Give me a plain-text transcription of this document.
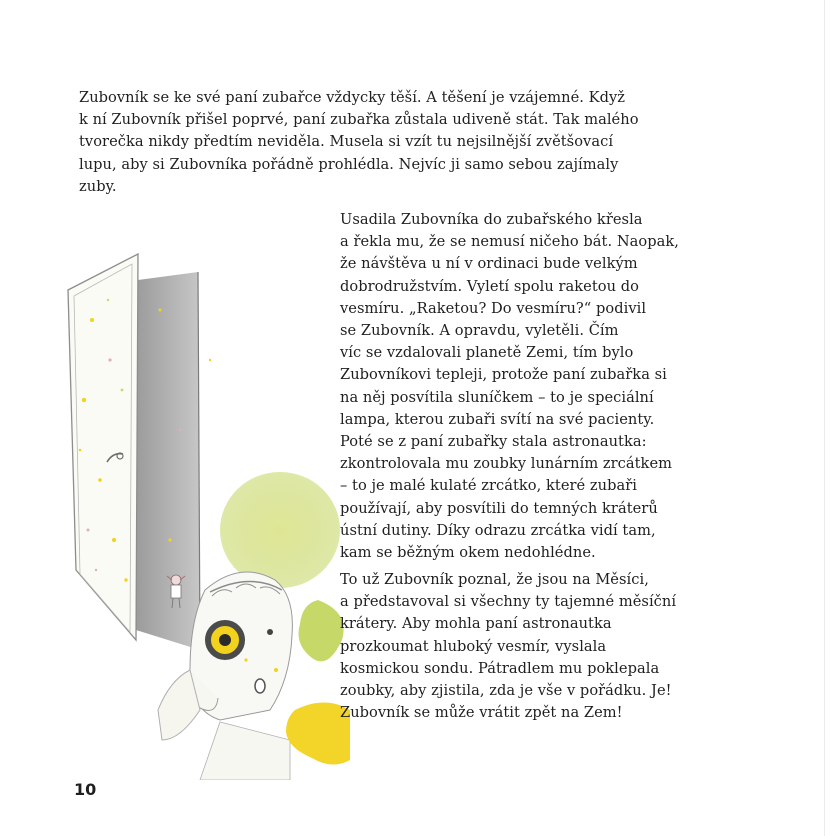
Zubovník se ke své paní zubařce vždycky těší. A těšení je vzájemné. Když
k ní Zubovník přišel poprvé, paní zubařka zůstala udiveně stát. Tak malého
tvorečka nikdy předtím neviděla. Musela si vzít tu nejsilnější zvětšovací
lupu, aby si Zubovníka pořádně prohlédla. Nejvíc ji samo sebou zajímaly
zuby.
Usadila Zubovníka do zubařského křesla
a řekla mu, že se nemusí ničeho bát. Naopak,
že návštěva u ní v ordinaci bude velkým
dobrodružstvím. Vyletí spolu raketou do
vesmíru. „Raketou? Do vesmíru?“ podivil
se Zubovník. A opravdu, vyletěli. Čím
víc se vzdalovali planetě Zemi, tím bylo
Zubovníkovi tepleji, protože paní zubařka si
na něj posvítila sluníčkem – to je speciální
lampa, kterou zubaři svítí na své pacienty.
Poté se z paní zubařky stala astronautka:
zkontrolovala mu zoubky lunárním zrcátkem
– to je malé kulaté zrcátko, které zubaři
používají, aby posvítili do temných kráterů
ústní dutiny. Díky odrazu zrcátka vidí tam,
kam se běžným okem nedohlédne.
To už Zubovník poznal, že jsou na Měsíci,
a představoval si všechny ty tajemné měsíční
krátery. Aby mohla paní astronautka
prozkoumat hluboký vesmír, vyslala
kosmickou sondu. Pátradlem mu poklepala
zoubky, aby zjistila, zda je vše v pořádku. Je!
Zubovník se může vrátit zpět na Zem!
10
